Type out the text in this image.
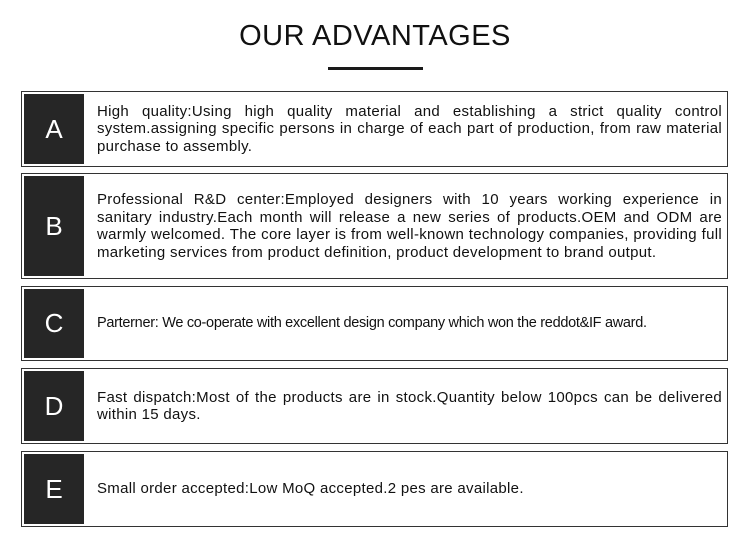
OUR ADVANTAGES
A
High quality:Using high quality material and establishing a strict quality control system.assigning specific persons in charge of each part of production, from raw material purchase to assembly.
B
Professional R&D center:Employed designers with 10 years working experience in sanitary industry.Each month will release a new series of products.OEM and ODM are warmly welcomed. The core layer is from well-known technology companies, providing full marketing services from product definition, product development to brand output.
C	Parterner: We co-operate with excellent design company which won the reddot&IF award.
D	Fast dispatch:Most of the products are in stock.Quantity below 100pcs can be delivered within 15 days.
E	Small order accepted:Low MoQ accepted.2 pes are available.
